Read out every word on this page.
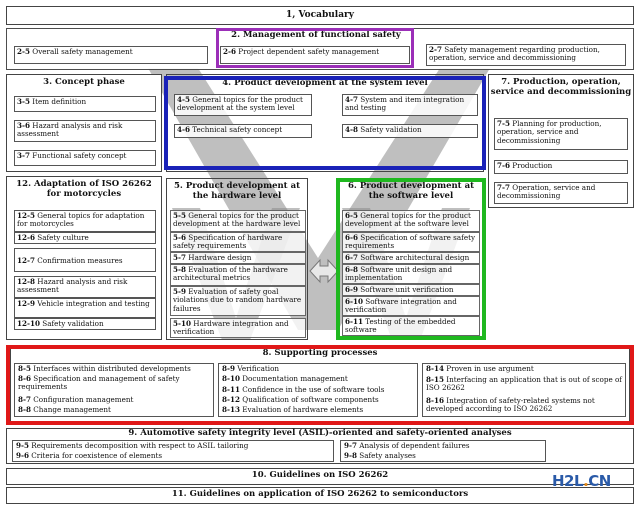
1, Vocabulary
2. Management of functional safety
2-5 Overall safety management	2-6 Project dependent safety management	2-7 Safety management regarding production, operation, service and decommissioning
3. Concept phase
3-5 Item definition
3-6 Hazard analysis and risk assessment
3-7 Functional safety concept
4. Product development at the system level
4-5 General topics for the product development at the system level
4-7 System and item integration and testing
4-6 Technical safety concept	4-8 Safety validation
7. Production, operation, service and decommissioning
7-5 Planning for production, operation, service and decommissioning
7-6 Production
7-7 Operation, service and decommissioning
12. Adaptation of ISO 26262 for motorcycles
12-5 General topics for adaptation for motorcycles
12-6 Safety culture
12-7 Confirmation measures
12-8 Hazard analysis and risk assessment
12-9 Vehicle integration and testing
12-10 Safety validation
5. Product development at the hardware level
5-5 General topics for the product development at the hardware level
5-6 Specification of hardware safety requirements
5-7 Hardware design
5-8 Evaluation of the hardware architectural metrics
5-9 Evaluation of safety goal violations due to random hardware failures
5-10 Hardware integration and verification
6. Product development at the software level
6-5 General topics for the product development at the software level
6-6 Specification of software safety requirements
6-7 Software architectural design
6-8 Software unit design and implementation
6-9 Software unit verification
6-10 Software integration and verification
6-11 Testing of the embedded software
8. Supporting processes
8-5 Interfaces within distributed developments
8-6 Specification and management of safety requirements
8-7 Configuration management
8-8 Change management
8-9 Verification
8-10 Documentation management
8-11 Confidence in the use of software tools
8-12 Qualification of software components
8-13 Evaluation of hardware elements
8-14 Proven in use argument
8-15 Interfacing an application that is out of scope of ISO 26262
8-16 Integration of safety-related systems not developed according to ISO 26262
9. Automotive safety integrity level (ASIL)-oriented and safety-oriented analyses
9-5 Requirements decomposition with respect to ASIL tailoring
9-6 Criteria for coexistence of elements
9-7 Analysis of dependent failures
9-8 Safety analyses
10. Guidelines on ISO 26262
11. Guidelines on application of ISO 26262 to semiconductors
H2L.CN
